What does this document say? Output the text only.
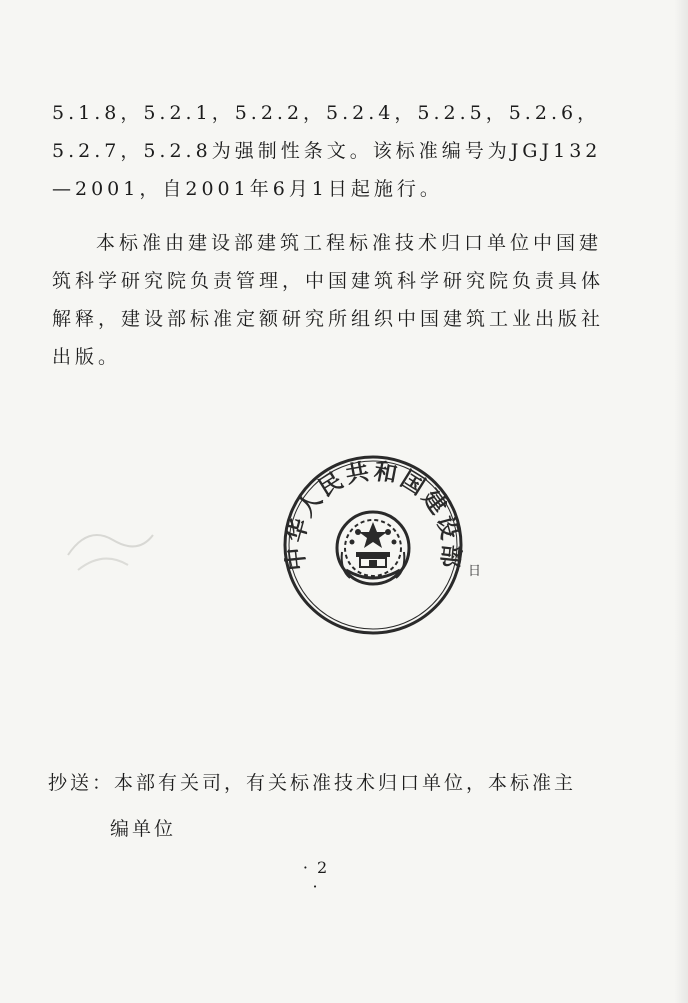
5.1.8，5.2.1，5.2.2，5.2.4，5.2.5，5.2.6，5.2.7，5.2.8为强制性条文。该标准编号为JGJ132—2001，自2001年6月1日起施行。

本标准由建设部建筑工程标准技术归口单位中国建筑科学研究院负责管理，中国建筑科学研究院负责具体解释，建设部标准定额研究所组织中国建筑工业出版社出版。

中华人民共和国建设部 日
抄送：本部有关司，有关标准技术归口单位，本标准主
编单位
· 2 ·
